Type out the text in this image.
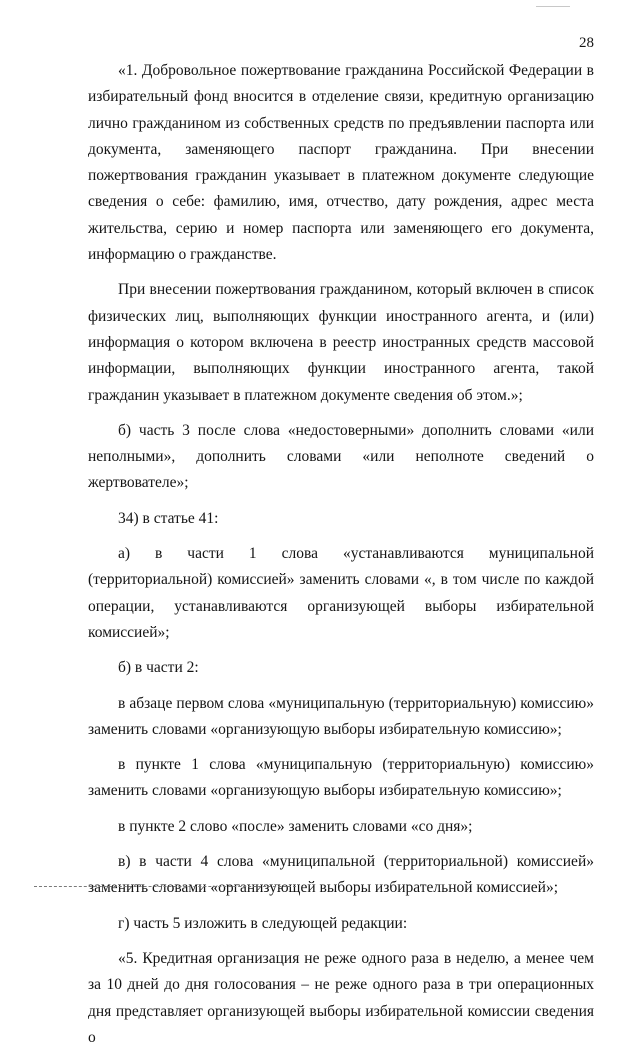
28

«1. Добровольное пожертвование гражданина Российской Федерации в избирательный фонд вносится в отделение связи, кредитную организацию лично гражданином из собственных средств по предъявлении паспорта или документа, заменяющего паспорт гражданина. При внесении пожертвования гражданин указывает в платежном документе следующие сведения о себе: фамилию, имя, отчество, дату рождения, адрес места жительства, серию и номер паспорта или заменяющего его документа, информацию о гражданстве.

При внесении пожертвования гражданином, который включен в список физических лиц, выполняющих функции иностранного агента, и (или) информация о котором включена в реестр иностранных средств массовой информации, выполняющих функции иностранного агента, такой гражданин указывает в платежном документе сведения об этом.»;

б) часть 3 после слова «недостоверными» дополнить словами «или неполными», дополнить словами «или неполноте сведений о жертвователе»;

34) в статье 41:

а) в части 1 слова «устанавливаются муниципальной (территориальной) комиссией» заменить словами «, в том числе по каждой операции, устанавливаются организующей выборы избирательной комиссией»;

б) в части 2:

в абзаце первом слова «муниципальную (территориальную) комиссию» заменить словами «организующую выборы избирательную комиссию»;

в пункте 1 слова «муниципальную (территориальную) комиссию» заменить словами «организующую выборы избирательную комиссию»;

в пункте 2 слово «после» заменить словами «со дня»;

в) в части 4 слова «муниципальной (территориальной) комиссией» заменить словами «организующей выборы избирательной комиссией»;

г) часть 5 изложить в следующей редакции:

«5. Кредитная организация не реже одного раза в неделю, а менее чем за 10 дней до дня голосования – не реже одного раза в три операционных дня представляет организующей выборы избирательной комиссии сведения о
